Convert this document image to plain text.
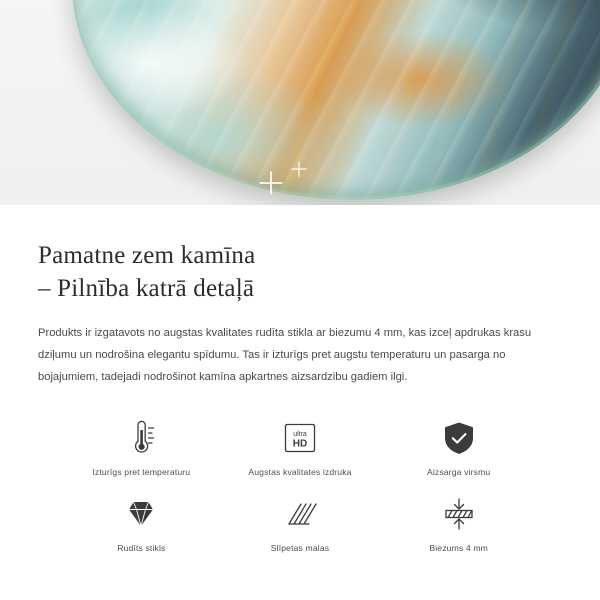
Pamatne zem kamīna
– Pilnība katrā detaļā

Produkts ir izgatavots no augstas kvalitates rudīta stikla ar biezumu 4 mm, kas izceļ apdrukas krasu dziļumu un nodrošina elegantu spīdumu. Tas ir izturīgs pret augstu temperaturu un pasarga no bojajumiem, tadejadi nodrošinot kamīna apkartnes aizsardzibu gadiem ilgi.

Izturīgs pret temperaturu
ultra
HD
Augstas kvalitates izdruka	Aizsarga virsmu
Rudīts stikls	Slīpetas malas	Biezums 4 mm
